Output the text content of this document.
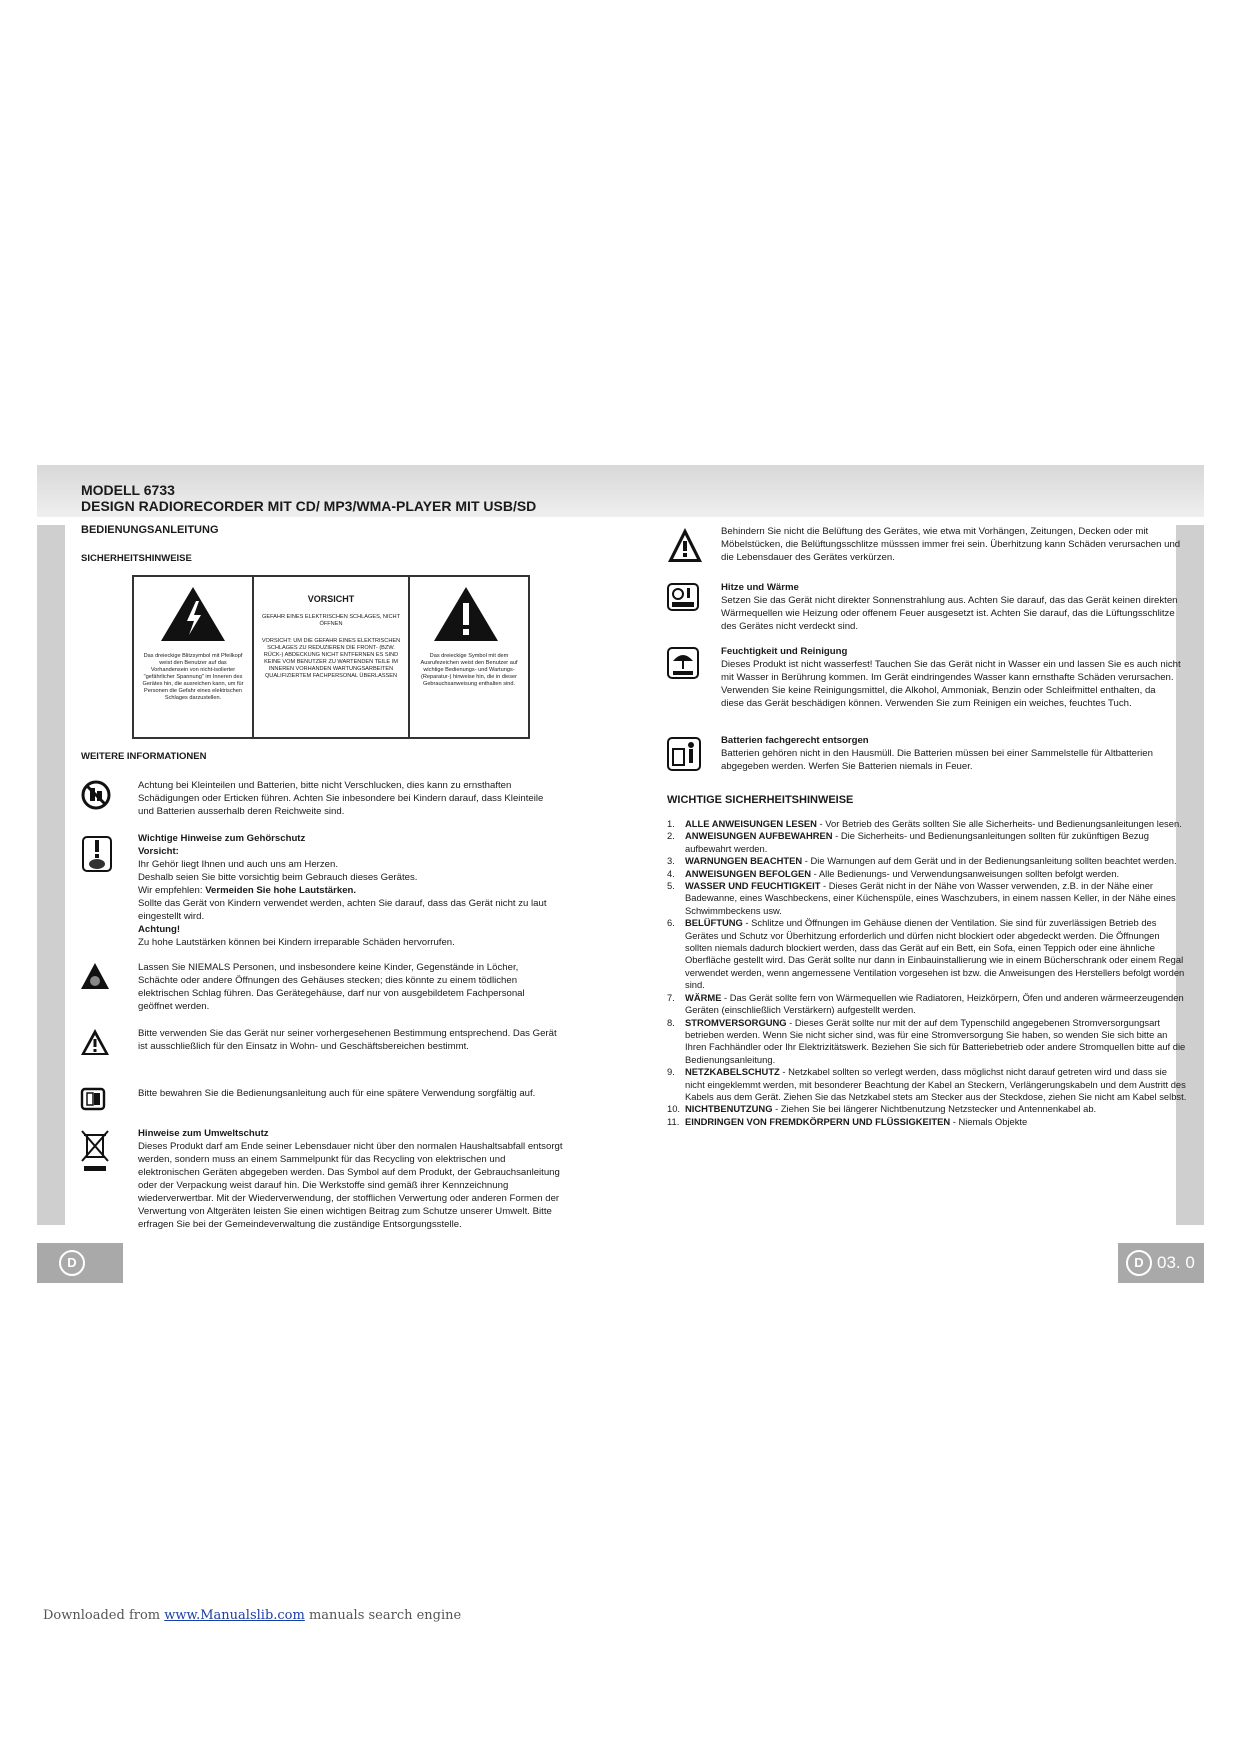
MODELL 6733
DESIGN RADIORECORDER MIT CD/ MP3/WMA-PLAYER MIT USB/SD
BEDIENUNGSANLEITUNG
SICHERHEITSHINWEISE
Das dreieckige Blitzsymbol mit Pfeilkopf weist den Benutzer auf das Vorhandensein von nicht-isolierter "gefährlicher Spannung" im Inneren des Gerätes hin, die ausreichen kann, um für Personen die Gefahr eines elektrischen Schlages darzustellen.
VORSICHT
GEFAHR EINES ELEKTRISCHEN SCHLAGES, NICHT ÖFFNEN
VORSICHT: UM DIE GEFAHR EINES ELEKTRISCHEN SCHLAGES ZU REDUZIEREN DIE FRONT- (BZW. RÜCK-) ABDECKUNG NICHT ENTFERNEN ES SIND KEINE VOM BENUTZER ZU WARTENDEN TEILE IM INNEREN VORHANDEN WARTUNGSARBEITEN QUALIFIZIERTEM FACHPERSONAL ÜBERLASSEN
Das dreieckige Symbol mit dem Ausrufezeichen weist den Benutzer auf wichtige Bedienungs- und Wartungs- (Reparatur-) hinweise hin, die in dieser Gebrauchsanweisung enthalten sind.
WEITERE INFORMATIONEN
Achtung bei Kleinteilen und Batterien, bitte nicht Verschlucken, dies kann zu ernsthaften Schädigungen oder Erticken führen. Achten Sie inbesondere bei Kindern darauf, dass Kleinteile und Batterien ausserhalb deren Reichweite sind.
Wichtige Hinweise zum Gehörschutz
Vorsicht:
Ihr Gehör liegt Ihnen und auch uns am Herzen.
Deshalb seien Sie bitte vorsichtig beim Gebrauch dieses Gerätes.
Wir empfehlen: Vermeiden Sie hohe Lautstärken.
Sollte das Gerät von Kindern verwendet werden, achten Sie darauf, dass das Gerät nicht zu laut eingestellt wird.
Achtung!
Zu hohe Lautstärken können bei Kindern irreparable Schäden hervorrufen.
Lassen Sie NIEMALS Personen, und insbesondere keine Kinder, Gegenstände in Löcher, Schächte oder andere Öffnungen des Gehäuses stecken; dies könnte zu einem tödlichen elektrischen Schlag führen. Das Gerätegehäuse, darf nur von ausgebildetem Fachpersonal geöffnet werden.
Bitte verwenden Sie das Gerät nur seiner vorhergesehenen Bestimmung entsprechend. Das Gerät ist ausschließlich für den Einsatz in Wohn- und Geschäftsbereichen bestimmt.
Bitte bewahren Sie die Bedienungsanleitung auch für eine spätere Verwendung sorgfältig auf.
Hinweise zum Umweltschutz
Dieses Produkt darf am Ende seiner Lebensdauer nicht über den normalen Haushaltsabfall entsorgt werden, sondern muss an einem Sammelpunkt für das Recycling von elektrischen und elektronischen Geräten abgegeben werden. Das Symbol auf dem Produkt, der Gebrauchsanleitung oder der Verpackung weist darauf hin. Die Werkstoffe sind gemäß ihrer Kennzeichnung wiederverwertbar. Mit der Wiederverwendung, der stofflichen Verwertung oder anderen Formen der Verwertung von Altgeräten leisten Sie einen wichtigen Beitrag zum Schutze unserer Umwelt. Bitte erfragen Sie bei der Gemeindeverwaltung die zuständige Entsorgungsstelle.
D
Behindern Sie nicht die Belüftung des Gerätes, wie etwa mit Vorhängen, Zeitungen, Decken oder mit Möbelstücken, die Belüftungsschlitze müsssen immer frei sein. Überhitzung kann Schäden verursachen und die Lebensdauer des Gerätes verkürzen.
Hitze und Wärme
Setzen Sie das Gerät nicht direkter Sonnenstrahlung aus. Achten Sie darauf, das das Gerät keinen direkten Wärmequellen wie Heizung oder offenem Feuer ausgesetzt ist. Achten Sie darauf, das die Lüftungsschlitze des Gerätes nicht verdeckt sind.
Feuchtigkeit und Reinigung
Dieses Produkt ist nicht wasserfest! Tauchen Sie das Gerät nicht in Wasser ein und lassen Sie es auch nicht mit Wasser in Berührung kommen. Im Gerät eindringendes Wasser kann ernsthafte Schäden verursachen. Verwenden Sie keine Reinigungsmittel, die Alkohol, Ammoniak, Benzin oder Schleifmittel enthalten, da diese das Gerät beschädigen können. Verwenden Sie zum Reinigen ein weiches, feuchtes Tuch.
Batterien fachgerecht entsorgen
Batterien gehören nicht in den Hausmüll. Die Batterien müssen bei einer Sammelstelle für Altbatterien abgegeben werden. Werfen Sie Batterien niemals in Feuer.
WICHTIGE SICHERHEITSHINWEISE
1. ALLE ANWEISUNGEN LESEN - Vor Betrieb des Geräts sollten Sie alle Sicherheits- und Bedienungsanleitungen lesen.
2. ANWEISUNGEN AUFBEWAHREN - Die Sicherheits- und Bedienungsanleitungen sollten für zukünftigen Bezug aufbewahrt werden.
3. WARNUNGEN BEACHTEN - Die Warnungen auf dem Gerät und in der Bedienungsanleitung sollten beachtet werden.
4. ANWEISUNGEN BEFOLGEN - Alle Bedienungs- und Verwendungsanweisungen sollten befolgt werden.
5. WASSER UND FEUCHTIGKEIT - Dieses Gerät nicht in der Nähe von Wasser verwenden, z.B. in der Nähe einer Badewanne, eines Waschbeckens, einer Küchenspüle, eines Waschzubers, in einem nassen Keller, in der Nähe eines Schwimmbeckens usw.
6. BELÜFTUNG - Schlitze und Öffnungen im Gehäuse dienen der Ventilation. Sie sind für zuverlässigen Betrieb des Gerätes und Schutz vor Überhitzung erforderlich und dürfen nicht blockiert oder abgedeckt werden. Die Öffnungen sollten niemals dadurch blockiert werden, dass das Gerät auf ein Bett, ein Sofa, einen Teppich oder eine ähnliche Oberfläche gestellt wird. Das Gerät sollte nur dann in Einbauinstallierung wie in einem Bücherschrank oder einem Regal verwendet werden, wenn angemessene Ventilation vorgesehen ist bzw. die Anweisungen des Herstellers befolgt worden sind.
7. WÄRME - Das Gerät sollte fern von Wärmequellen wie Radiatoren, Heizkörpern, Öfen und anderen wärmeerzeugenden Geräten (einschließlich Verstärkern) aufgestellt werden.
8. STROMVERSORGUNG - Dieses Gerät sollte nur mit der auf dem Typenschild angegebenen Stromversorgungsart betrieben werden. Wenn Sie nicht sicher sind, was für eine Stromversorgung Sie haben, so wenden Sie sich bitte an Ihren Fachhändler oder Ihr Elektrizitätswerk. Beziehen Sie sich für Batteriebetrieb oder andere Stromquellen bitte auf die Bedienungsanleitung.
9. NETZKABELSCHUTZ - Netzkabel sollten so verlegt werden, dass möglichst nicht darauf getreten wird und dass sie nicht eingeklemmt werden, mit besonderer Beachtung der Kabel an Steckern, Verlängerungskabeln und dem Austritt des Kabels aus dem Gerät. Ziehen Sie das Netzkabel stets am Stecker aus der Steckdose, ziehen Sie nicht am Kabel selbst.
10. NICHTBENUTZUNG - Ziehen Sie bei längerer Nichtbenutzung Netzstecker und Antennenkabel ab.
11. EINDRINGEN VON FREMDKÖRPERN UND FLÜSSIGKEITEN - Niemals Objekte
D 03. 0
Downloaded from www.Manualslib.com manuals search engine
